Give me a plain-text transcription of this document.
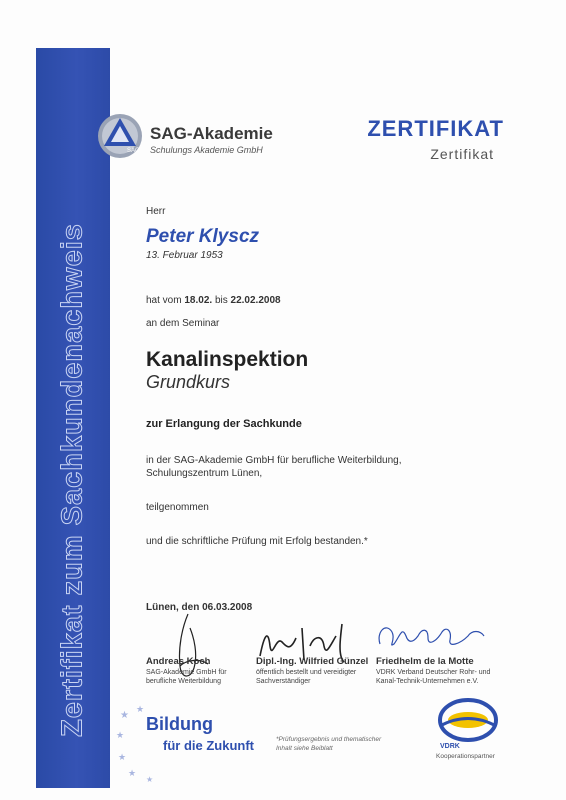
Zertifikat zum Sachkundenachweis
SAG
SAG-Akademie
Schulungs Akademie GmbH
ZERTIFIKAT
Zertifikat
Herr
Peter Klyscz
13. Februar 1953
hat vom 18.02. bis 22.02.2008
an dem Seminar
Kanalinspektion
Grundkurs
zur Erlangung der Sachkunde
in der SAG-Akademie GmbH für berufliche Weiterbildung,
Schulungszentrum Lünen,
teilgenommen
und die schriftliche Prüfung mit Erfolg bestanden.*
Lünen, den 06.03.2008
Andreas Koch
SAG-Akademie GmbH für
berufliche Weiterbildung
Dipl.-Ing. Wilfried Günzel
öffentlich bestellt und vereidigter
Sachverständiger
Friedhelm de la Motte
VDRK Verband Deutscher Rohr- und
Kanal-Technik-Unternehmen e.V.
★
★
★
★
★
★
Bildung
für die Zukunft	*Prüfungsergebnis und thematischer
Inhalt siehe Beiblatt	VDRK
Kooperationspartner
